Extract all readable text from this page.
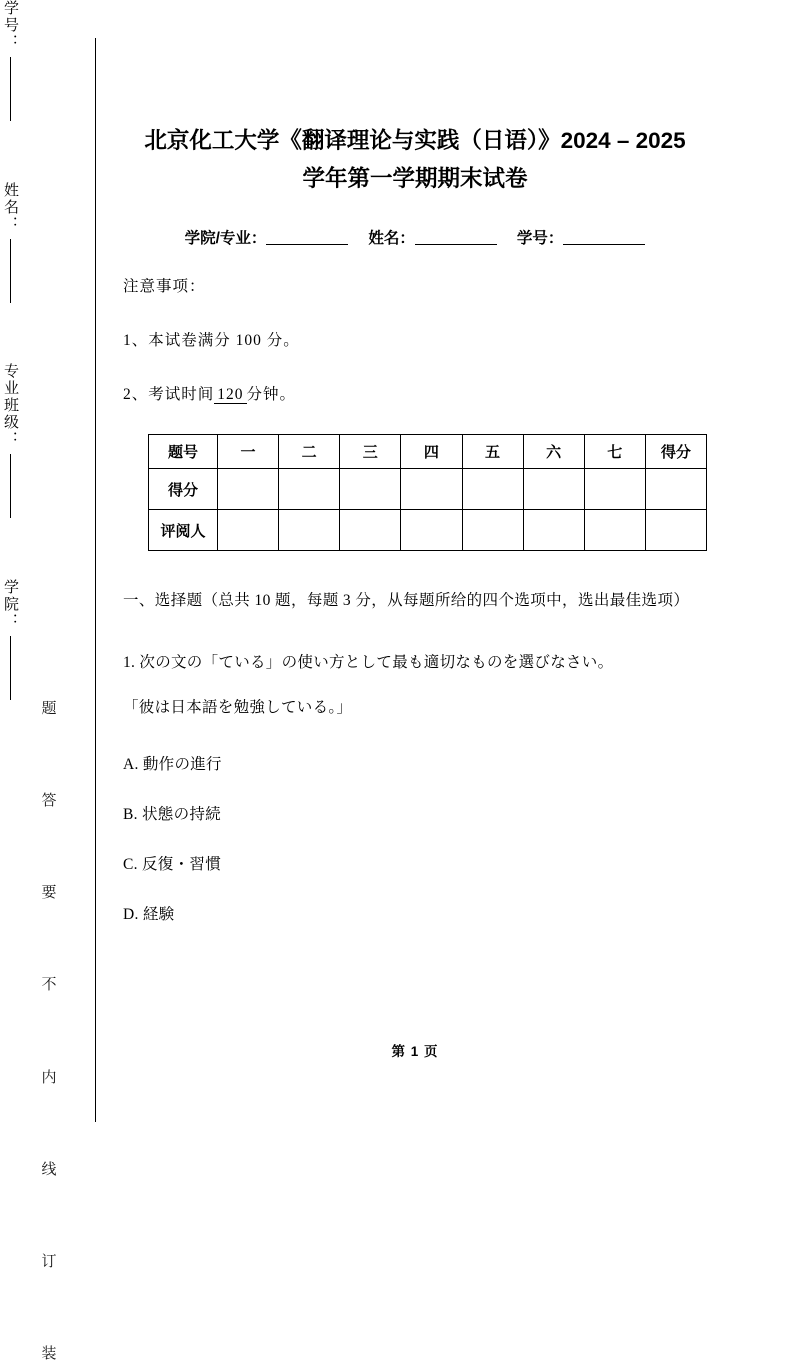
学号：
姓名：
专业班级：
学院：
题
答
要
不
内
线
订
装
北京化工大学《翻译理论与实践（日语）》2024 – 2025
学年第一学期期末试卷
学院/专业：	姓名：	学号：
注意事项：
1、本试卷满分 100 分。
2、考试时间 120 分钟。
题号	一	二	三	四	五	六	七	得分
得分								
评阅人								
一、选择题（总共 10 题，每题 3 分，从每题所给的四个选项中，选出最佳选项）
1. 次の文の「ている」の使い方として最も適切なものを選びなさい。
「彼は日本語を勉強している。」
A. 動作の進行
B. 状態の持続
C. 反復・習慣
D. 経験
第 1 页
